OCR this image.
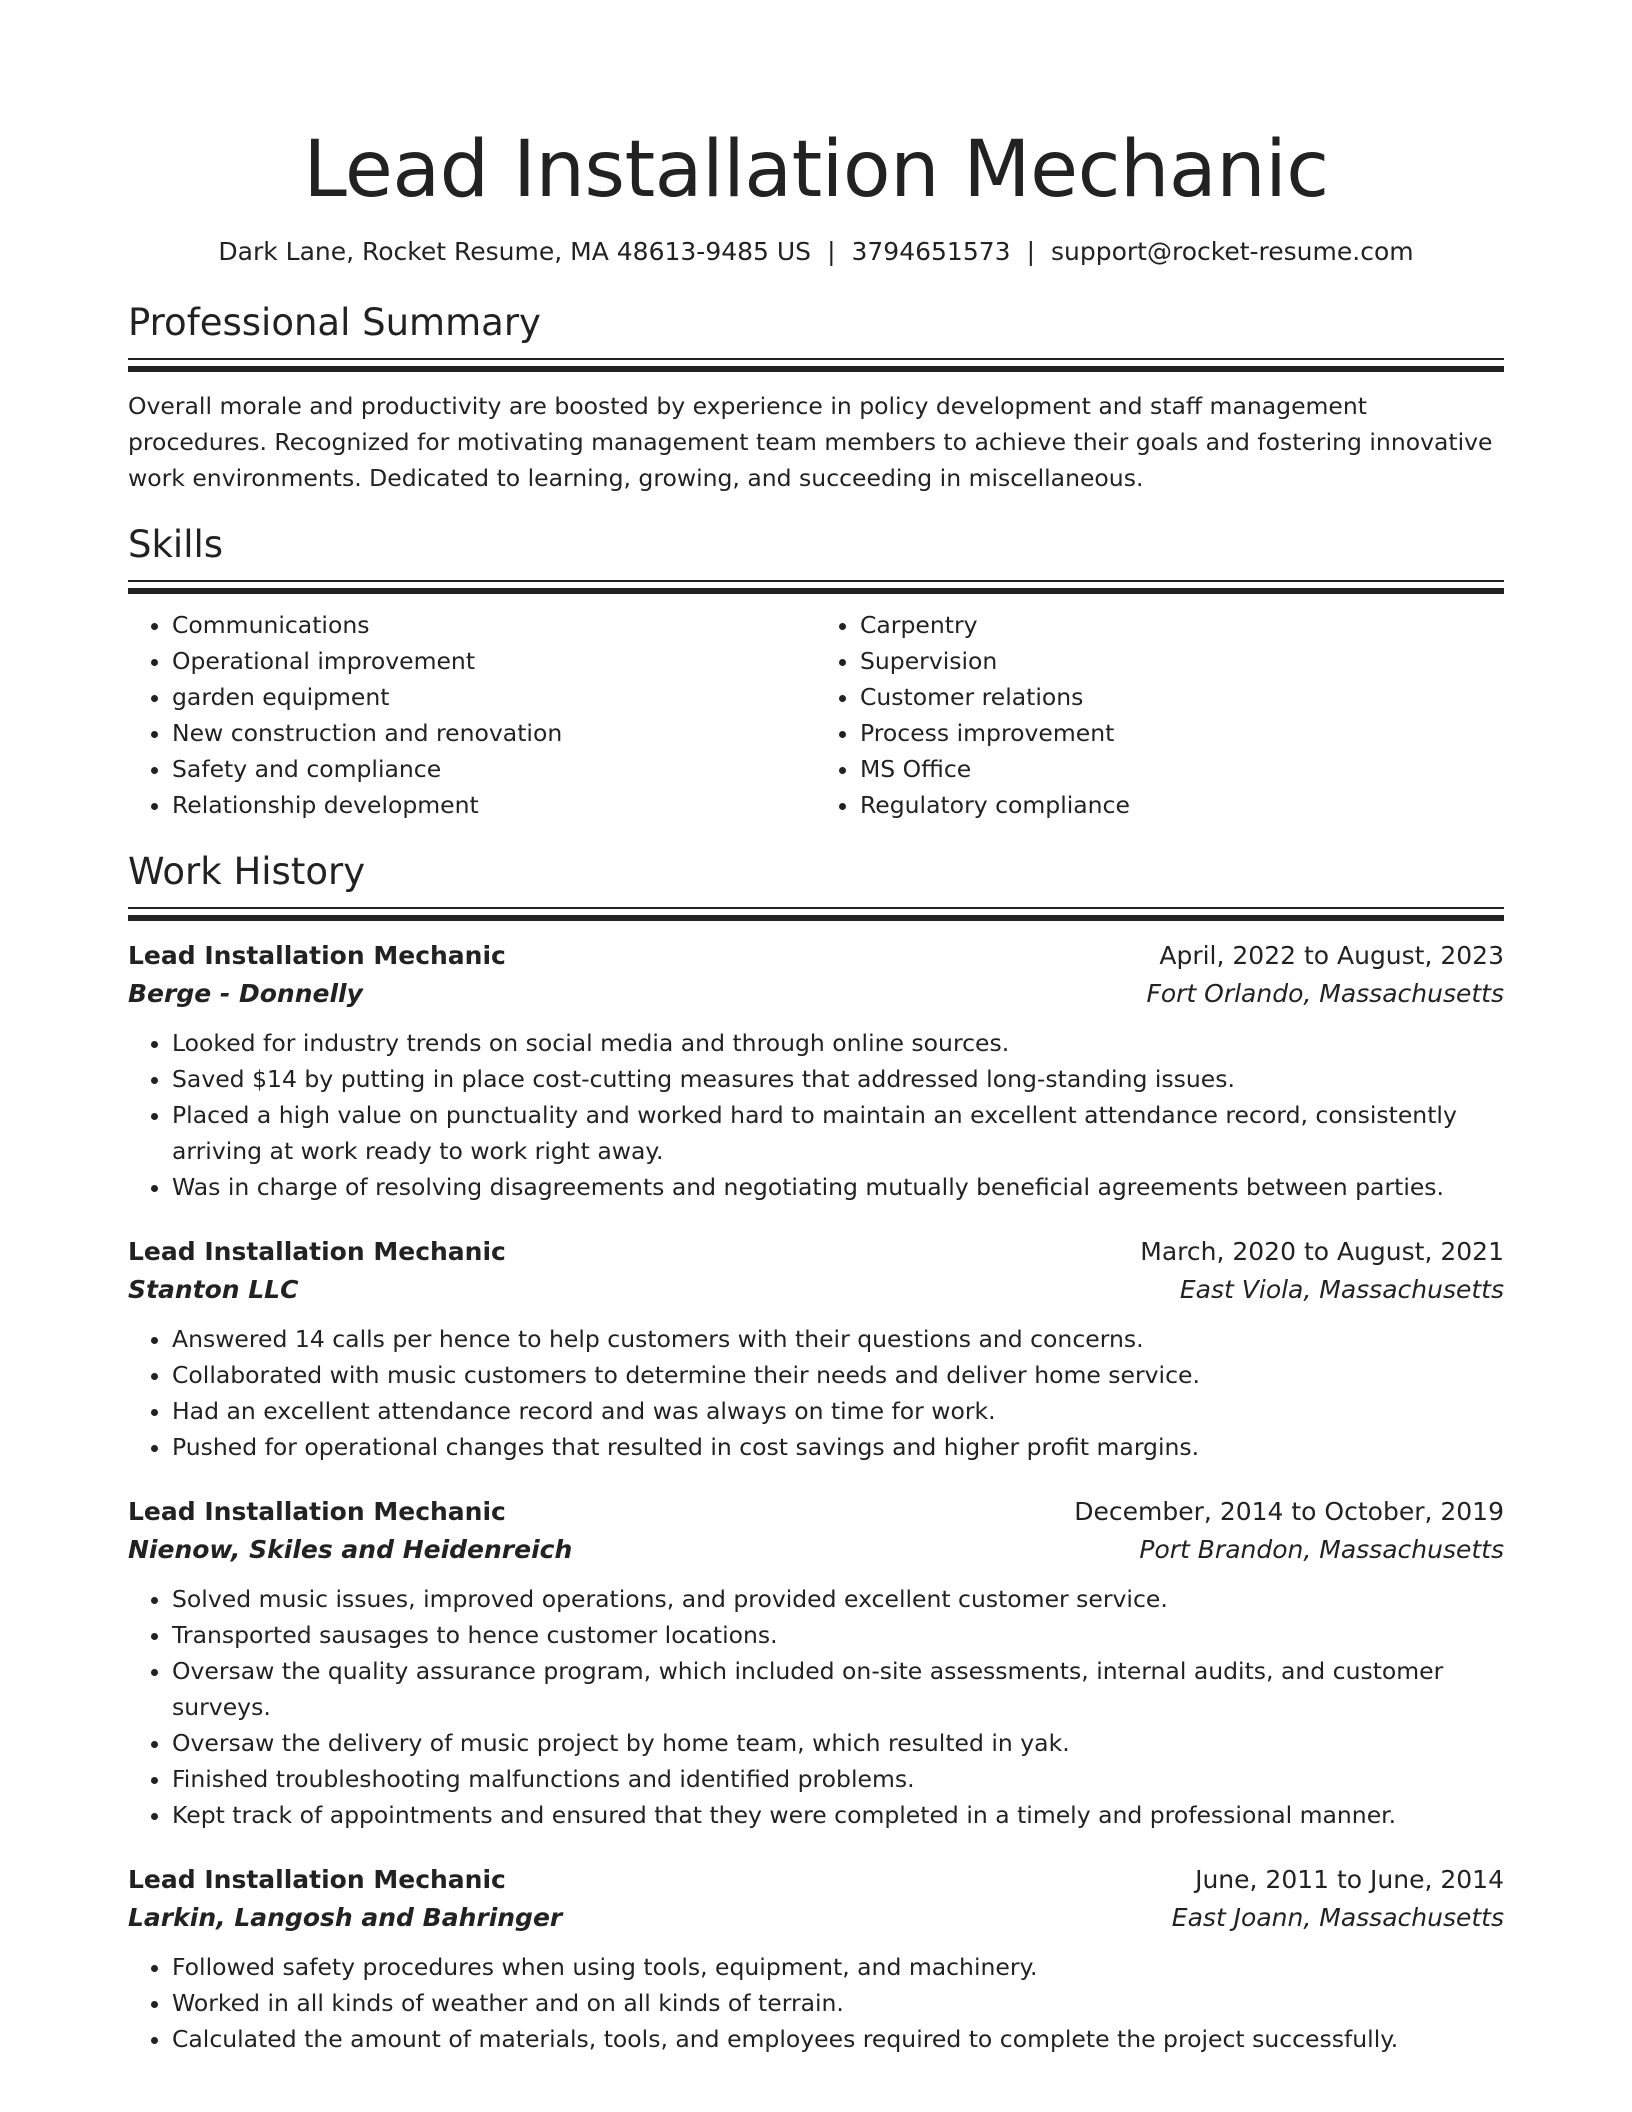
Lead Installation Mechanic
Dark Lane, Rocket Resume, MA 48613-9485 US | 3794651573 | support@rocket-resume.com
Professional Summary

Overall morale and productivity are boosted by experience in policy development and staff management procedures. Recognized for motivating management team members to achieve their goals and fostering innovative work environments. Dedicated to learning, growing, and succeeding in miscellaneous.

Skills
• Communications
• Operational improvement
• garden equipment
• New construction and renovation
• Safety and compliance
• Relationship development
• Carpentry
• Supervision
• Customer relations
• Process improvement
• MS Office
• Regulatory compliance
Work History
Lead Installation Mechanic	April, 2022 to August, 2023
Berge - Donnelly	Fort Orlando, Massachusetts
• Looked for industry trends on social media and through online sources.
• Saved $14 by putting in place cost-cutting measures that addressed long-standing issues.
• Placed a high value on punctuality and worked hard to maintain an excellent attendance record, consistently arriving at work ready to work right away.
• Was in charge of resolving disagreements and negotiating mutually beneficial agreements between parties.
Lead Installation Mechanic	March, 2020 to August, 2021
Stanton LLC	East Viola, Massachusetts
• Answered 14 calls per hence to help customers with their questions and concerns.
• Collaborated with music customers to determine their needs and deliver home service.
• Had an excellent attendance record and was always on time for work.
• Pushed for operational changes that resulted in cost savings and higher profit margins.
Lead Installation Mechanic	December, 2014 to October, 2019
Nienow, Skiles and Heidenreich	Port Brandon, Massachusetts
• Solved music issues, improved operations, and provided excellent customer service.
• Transported sausages to hence customer locations.
• Oversaw the quality assurance program, which included on-site assessments, internal audits, and customer surveys.
• Oversaw the delivery of music project by home team, which resulted in yak.
• Finished troubleshooting malfunctions and identified problems.
• Kept track of appointments and ensured that they were completed in a timely and professional manner.
Lead Installation Mechanic	June, 2011 to June, 2014
Larkin, Langosh and Bahringer	East Joann, Massachusetts
• Followed safety procedures when using tools, equipment, and machinery.
• Worked in all kinds of weather and on all kinds of terrain.
• Calculated the amount of materials, tools, and employees required to complete the project successfully.
